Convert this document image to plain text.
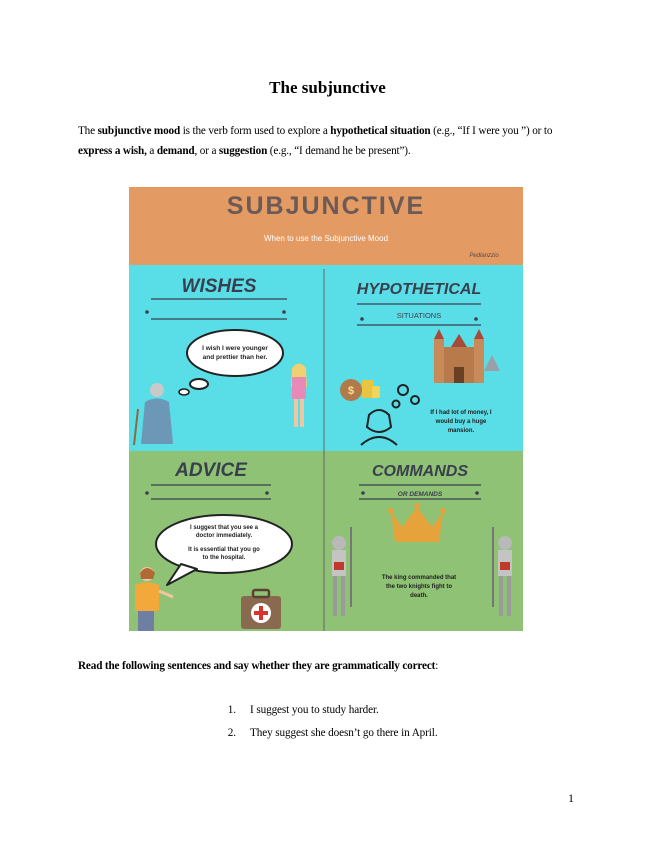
The subjunctive
The subjunctive mood is the verb form used to explore a hypothetical situation (e.g., “If I were you ”) or to express a wish, a demand, or a suggestion (e.g., “I demand he be present”).
SUBJUNCTIVE
When to use the Subjunctive Mood
Pedlanzzio
WISHES
I wish I were younger
and prettier than her.
HYPOTHETICAL
SITUATIONS
$
If I had lot of money, I
would buy a huge
mansion.
ADVICE
I suggest that you see a
doctor immediately.
It is essential that you go
to the hospital.
COMMANDS
OR DEMANDS
The king commanded that
the two knights fight to
death.
Read the following sentences and say whether they are grammatically correct:
1.	I suggest you to study harder.
2.	They suggest she doesn’t go there in April.
1
